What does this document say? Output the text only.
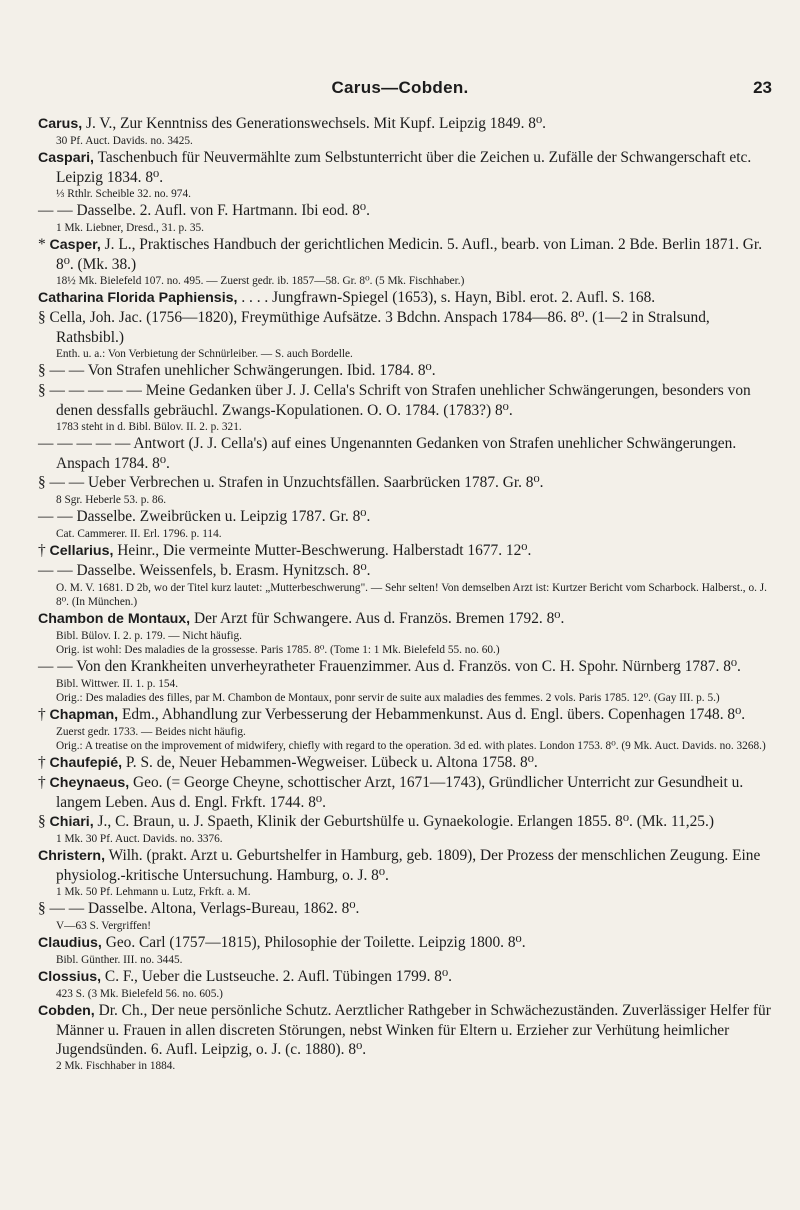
Carus—Cobden.	23

Carus, J. V., Zur Kenntniss des Generationswechsels. Mit Kupf. Leipzig 1849. 8⁰.

30 Pf. Auct. Davids. no. 3425.

Caspari, Taschenbuch für Neuvermählte zum Selbstunterricht über die Zeichen u. Zufälle der Schwangerschaft etc. Leipzig 1834. 8⁰.

⅓ Rthlr. Scheible 32. no. 974.

— — Dasselbe. 2. Aufl. von F. Hartmann. Ibi eod. 8⁰.

1 Mk. Liebner, Dresd., 31. p. 35.

* Casper, J. L., Praktisches Handbuch der gerichtlichen Medicin. 5. Aufl., bearb. von Liman. 2 Bde. Berlin 1871. Gr. 8⁰. (Mk. 38.)

18½ Mk. Bielefeld 107. no. 495. — Zuerst gedr. ib. 1857—58. Gr. 8⁰. (5 Mk. Fischhaber.)

Catharina Florida Paphiensis, . . . . Jungfrawn-Spiegel (1653), s. Hayn, Bibl. erot. 2. Aufl. S. 168.

§ Cella, Joh. Jac. (1756—1820), Freymüthige Aufsätze. 3 Bdchn. Anspach 1784—86. 8⁰. (1—2 in Stralsund, Rathsbibl.)

Enth. u. a.: Von Verbietung der Schnürleiber. — S. auch Bordelle.

§ — — Von Strafen unehlicher Schwängerungen. Ibid. 1784. 8⁰.

§ — — — — — Meine Gedanken über J. J. Cella's Schrift von Strafen unehlicher Schwängerungen, besonders von denen dessfalls gebräuchl. Zwangs-Kopulationen. O. O. 1784. (1783?) 8⁰.

1783 steht in d. Bibl. Bülov. II. 2. p. 321.

— — — — — Antwort (J. J. Cella's) auf eines Ungenannten Gedanken von Strafen unehlicher Schwängerungen. Anspach 1784. 8⁰.

§ — — Ueber Verbrechen u. Strafen in Unzuchtsfällen. Saarbrücken 1787. Gr. 8⁰.

8 Sgr. Heberle 53. p. 86.

— — Dasselbe. Zweibrücken u. Leipzig 1787. Gr. 8⁰.

Cat. Cammerer. II. Erl. 1796. p. 114.

† Cellarius, Heinr., Die vermeinte Mutter-Beschwerung. Halberstadt 1677. 12⁰.

— — Dasselbe. Weissenfels, b. Erasm. Hynitzsch. 8⁰.

O. M. V. 1681. D 2b, wo der Titel kurz lautet: „Mutterbeschwerung". — Sehr selten! Von demselben Arzt ist: Kurtzer Bericht vom Scharbock. Halberst., o. J. 8⁰. (In München.)

Chambon de Montaux, Der Arzt für Schwangere. Aus d. Französ. Bremen 1792. 8⁰.

Bibl. Bülov. I. 2. p. 179. — Nicht häufig.

Orig. ist wohl: Des maladies de la grossesse. Paris 1785. 8⁰. (Tome 1: 1 Mk. Bielefeld 55. no. 60.)

— — Von den Krankheiten unverheyratheter Frauenzimmer. Aus d. Französ. von C. H. Spohr. Nürnberg 1787. 8⁰.

Bibl. Wittwer. II. 1. p. 154.

Orig.: Des maladies des filles, par M. Chambon de Montaux, ponr servir de suite aux maladies des femmes. 2 vols. Paris 1785. 12⁰. (Gay III. p. 5.)

† Chapman, Edm., Abhandlung zur Verbesserung der Hebammenkunst. Aus d. Engl. übers. Copenhagen 1748. 8⁰.

Zuerst gedr. 1733. — Beides nicht häufig.

Orig.: A treatise on the improvement of midwifery, chiefly with regard to the operation. 3d ed. with plates. London 1753. 8⁰. (9 Mk. Auct. Davids. no. 3268.)

† Chaufepié, P. S. de, Neuer Hebammen-Wegweiser. Lübeck u. Altona 1758. 8⁰.

† Cheynaeus, Geo. (= George Cheyne, schottischer Arzt, 1671—1743), Gründlicher Unterricht zur Gesundheit u. langem Leben. Aus d. Engl. Frkft. 1744. 8⁰.

§ Chiari, J., C. Braun, u. J. Spaeth, Klinik der Geburtshülfe u. Gynaekologie. Erlangen 1855. 8⁰. (Mk. 11,25.)

1 Mk. 30 Pf. Auct. Davids. no. 3376.

Christern, Wilh. (prakt. Arzt u. Geburtshelfer in Hamburg, geb. 1809), Der Prozess der menschlichen Zeugung. Eine physiolog.-kritische Untersuchung. Hamburg, o. J. 8⁰.

1 Mk. 50 Pf. Lehmann u. Lutz, Frkft. a. M.

§ — — Dasselbe. Altona, Verlags-Bureau, 1862. 8⁰.

V—63 S. Vergriffen!

Claudius, Geo. Carl (1757—1815), Philosophie der Toilette. Leipzig 1800. 8⁰.

Bibl. Günther. III. no. 3445.

Clossius, C. F., Ueber die Lustseuche. 2. Aufl. Tübingen 1799. 8⁰.

423 S. (3 Mk. Bielefeld 56. no. 605.)

Cobden, Dr. Ch., Der neue persönliche Schutz. Aerztlicher Rathgeber in Schwächezuständen. Zuverlässiger Helfer für Männer u. Frauen in allen discreten Störungen, nebst Winken für Eltern u. Erzieher zur Verhütung heimlicher Jugendsünden. 6. Aufl. Leipzig, o. J. (c. 1880). 8⁰.

2 Mk. Fischhaber in 1884.
